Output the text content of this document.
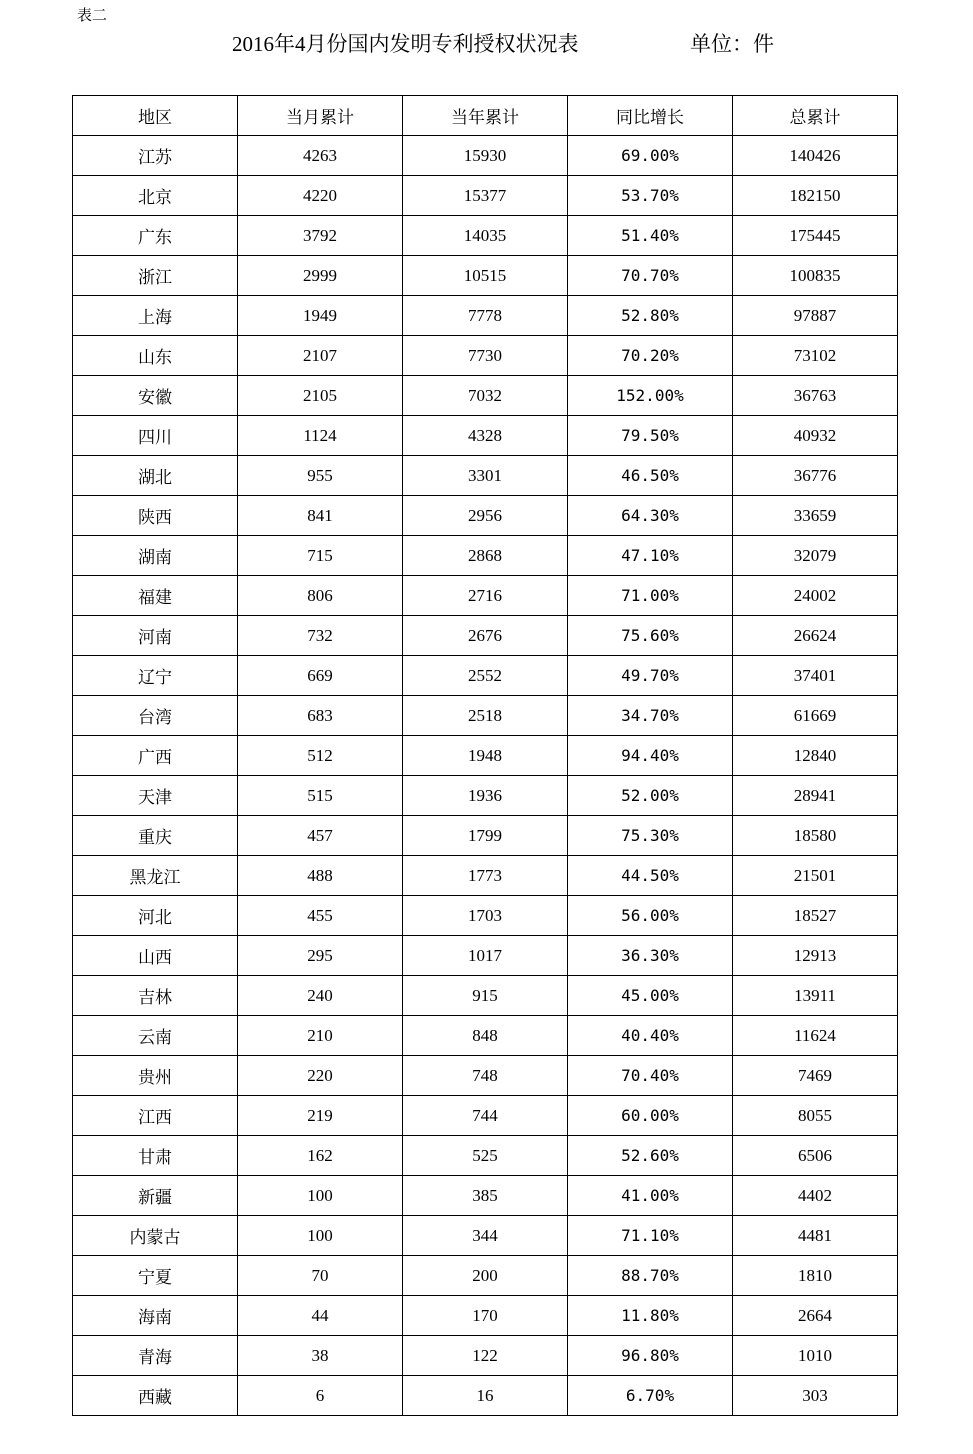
表二
2016年4月份国内发明专利授权状况表	单位：件
地区	当月累计	当年累计	同比增长	总累计
江苏	4263	15930	69.00%	140426
北京	4220	15377	53.70%	182150
广东	3792	14035	51.40%	175445
浙江	2999	10515	70.70%	100835
上海	1949	7778	52.80%	97887
山东	2107	7730	70.20%	73102
安徽	2105	7032	152.00%	36763
四川	1124	4328	79.50%	40932
湖北	955	3301	46.50%	36776
陕西	841	2956	64.30%	33659
湖南	715	2868	47.10%	32079
福建	806	2716	71.00%	24002
河南	732	2676	75.60%	26624
辽宁	669	2552	49.70%	37401
台湾	683	2518	34.70%	61669
广西	512	1948	94.40%	12840
天津	515	1936	52.00%	28941
重庆	457	1799	75.30%	18580
黑龙江	488	1773	44.50%	21501
河北	455	1703	56.00%	18527
山西	295	1017	36.30%	12913
吉林	240	915	45.00%	13911
云南	210	848	40.40%	11624
贵州	220	748	70.40%	7469
江西	219	744	60.00%	8055
甘肃	162	525	52.60%	6506
新疆	100	385	41.00%	4402
内蒙古	100	344	71.10%	4481
宁夏	70	200	88.70%	1810
海南	44	170	11.80%	2664
青海	38	122	96.80%	1010
西藏	6	16	6.70%	303
